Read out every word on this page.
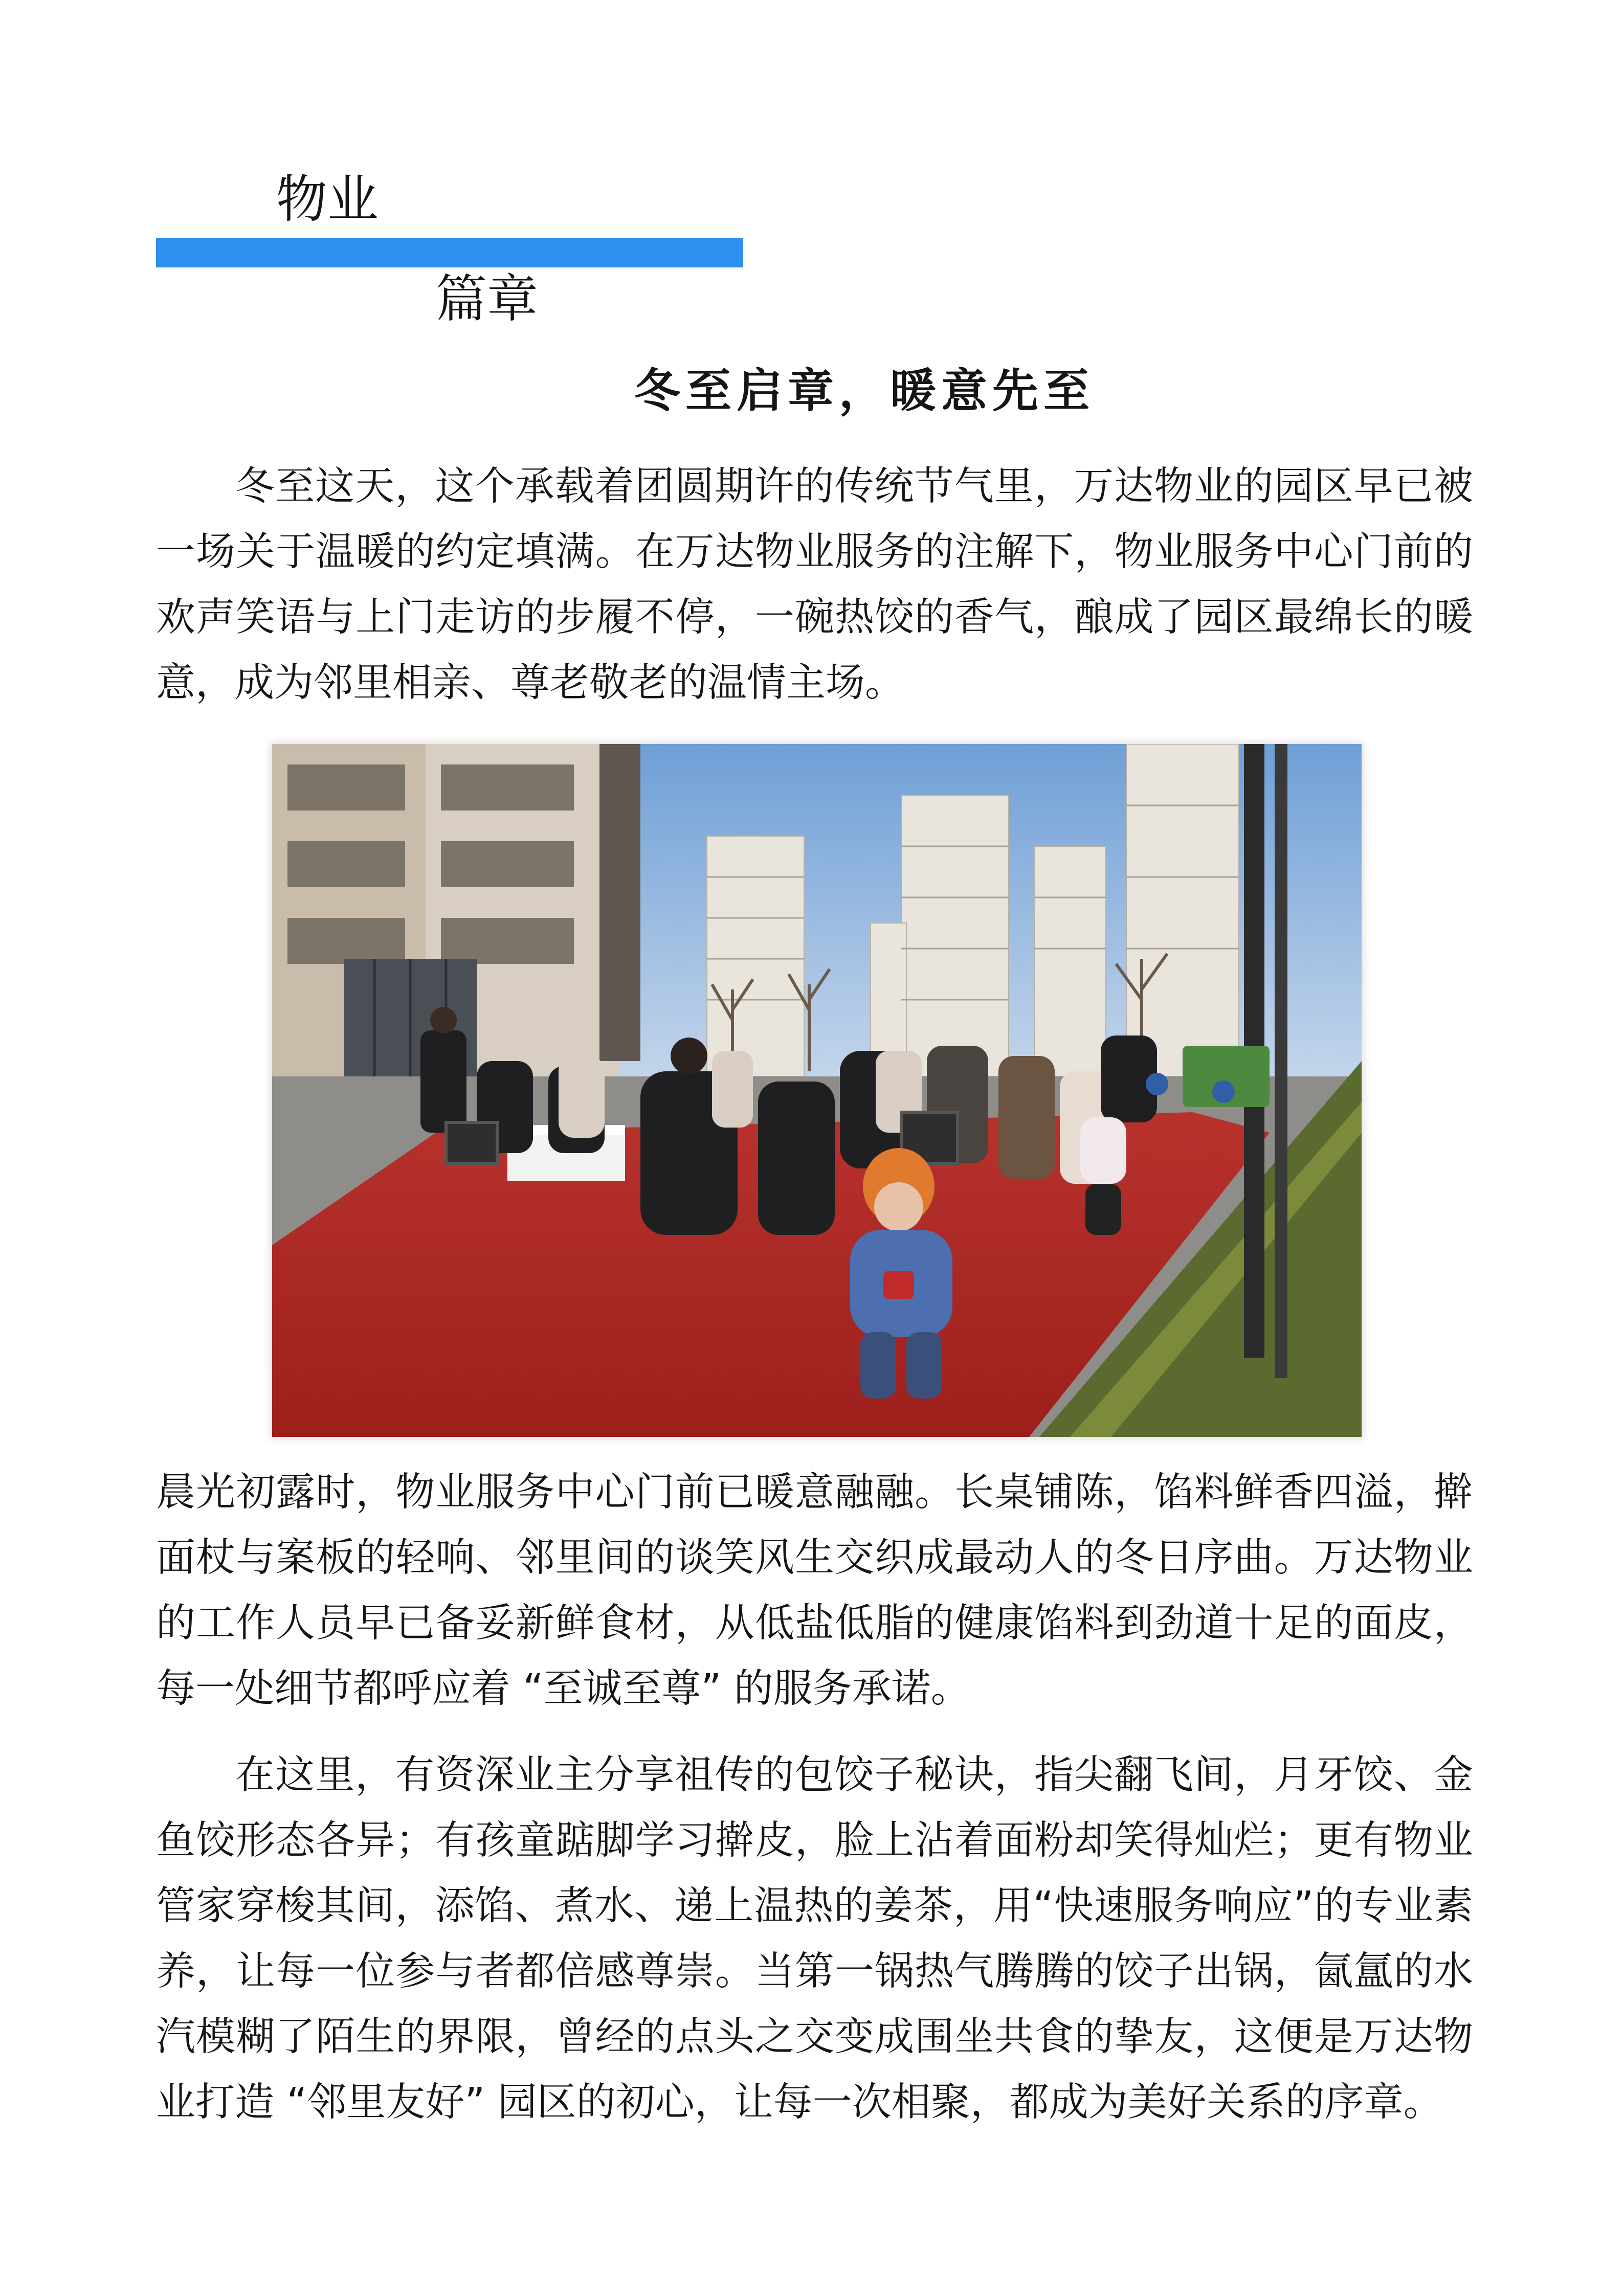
物业
篇章
冬至启章，暖意先至

冬至这天，这个承载着团圆期许的传统节气里，万达物业的园区早已被一场关于温暖的约定填满。在万达物业服务的注解下，物业服务中心门前的欢声笑语与上门走访的步履不停，一碗热饺的香气，酿成了园区最绵长的暖意，成为邻里相亲、尊老敬老的温情主场。

晨光初露时，物业服务中心门前已暖意融融。长桌铺陈，馅料鲜香四溢，擀面杖与案板的轻响、邻里间的谈笑风生交织成最动人的冬日序曲。万达物业的工作人员早已备妥新鲜食材，从低盐低脂的健康馅料到劲道十足的面皮，每一处细节都呼应着 “至诚至尊” 的服务承诺。

在这里，有资深业主分享祖传的包饺子秘诀，指尖翻飞间，月牙饺、金鱼饺形态各异；有孩童踮脚学习擀皮，脸上沾着面粉却笑得灿烂；更有物业管家穿梭其间，添馅、煮水、递上温热的姜茶，用“快速服务响应”的专业素养，让每一位参与者都倍感尊崇。当第一锅热气腾腾的饺子出锅，氤氲的水汽模糊了陌生的界限，曾经的点头之交变成围坐共食的挚友，这便是万达物业打造 “邻里友好” 园区的初心，让每一次相聚，都成为美好关系的序章。
